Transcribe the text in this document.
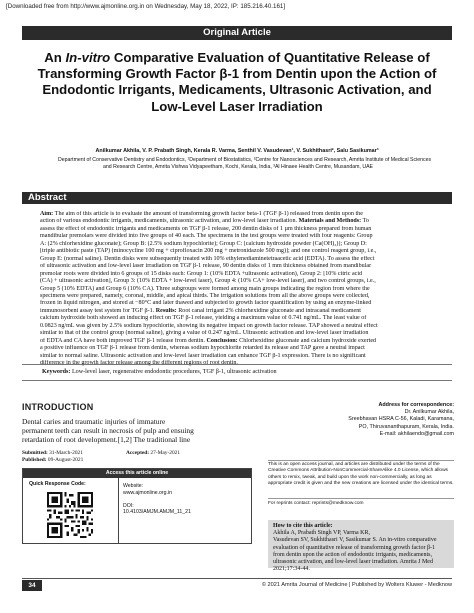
[Downloaded free from http://www.ajmonline.org.in on Wednesday, May 18, 2022, IP: 185.216.40.161]
Original Article
An In-vitro Comparative Evaluation of Quantitative Release of
Transforming Growth Factor β-1 from Dentin upon the Action of
Endodontic Irrigants, Medicaments, Ultrasonic Activation, and
Low-Level Laser Irradiation
Anilkumar Akhila, V. P. Prabath Singh, Kerala R. Varma, Senthil V. Vasudevan¹, V. Sukhithasri², Salu Sasikumar³
Department of Conservative Dentistry and Endodontics, ¹Department of Biostatistics, ²Centre for Nanosciences and Research, Amrita Institute of Medical Sciences
and Research Centre, Amrita Vishwa Vidyapeetham, Kochi, Kerala, India, ³Al Hinaee Health Centre, Musandam, UAE
Abstract
Aim: The aim of this article is to evaluate the amount of transforming growth factor beta-1 (TGF β-1) released from dentin upon the
action of various endodontic irrigants, medicaments, ultrasonic activation, and low-level laser irradiation. Materials and Methods: To
assess the effect of endodontic irrigants and medicaments on TGF β-1 release, 200 dentin disks of 1 µm thickness prepared from human
mandibular premolars were divided into five groups of 40 each. The specimens in the test groups were treated with four reagents: Group
A: (2% chlorhexidine gluconate); Group B: (2.5% sodium hypochlorite); Group C: [calcium hydroxide powder (Ca(OH)₂)]; Group D:
[triple antibiotic paste (TAP) (minocycline 100 mg + ciprofloxacin 200 mg + metronidazole 500 mg)]; and one control reagent group, i.e.,
Group E: (normal saline). Dentin disks were subsequently treated with 10% ethylenediaminetetraacetic acid (EDTA). To assess the effect
of ultrasonic activation and low-level laser irradiation on TGF β-1 release, 90 dentin disks of 1 mm thickness obtained from mandibular
premolar roots were divided into 6 groups of 15 disks each: Group 1: (10% EDTA +ultrasonic activation), Group 2: [10% citric acid
(CA) + ultrasonic activation], Group 3: (10% EDTA + low-level laser), Group 4: (10% CA+ low-level laser), and two control groups, i.e.,
Group 5 (10% EDTA) and Group 6 (10% CA). Three subgroups were formed among main groups indicating the region from where the
specimens were prepared, namely, coronal, middle, and apical thirds. The irrigation solutions from all the above groups were collected,
frozen in liquid nitrogen, and stored at −80°C and later thawed and subjected to growth factor quantification by using an enzyme-linked
immunosorbent assay test system for TGF β-1. Results: Root canal irrigant 2% chlorhexidine gluconate and intracanal medicament
calcium hydroxide both showed an inducing effect on TGF β-1 release, yielding a maximum value of 0.741 ng/mL. The least value of
0.0823 ng/mL was given by 2.5% sodium hypochlorite, showing its negative impact on growth factor release. TAP showed a neutral effect
similar to that of the control group (normal saline), giving a value of 0.247 ng/mL. Ultrasonic activation and low-level laser irradiation
of EDTA and CA have both improved TGF β-1 release from dentin. Conclusion: Chlorhexidine gluconate and calcium hydroxide exerted
a positive influence on TGF β-1 release from dentin, whereas sodium hypochlorite retarded its release and TAP gave a neutral impact
similar to normal saline. Ultrasonic activation and low-level laser irradiation can enhance TGF β-1 expression. There is no significant
Keywords: Low-level laser, regenerative endodontic procedures, TGF β-1, ultrasonic activation
INTRODUCTION
Dental caries and traumatic injuries of immature
permanent teeth can result in necrosis of pulp and ensuing
retardation of root development.[1,2] The traditional line
Submitted: 31-March-2021	Accepted: 27-May-2021
Published: 09-August-2021
Access this article online
Quick Response Code:	Website:
www.ajmonline.org.in
DOI:
10.4103/AMJM.AMJM_11_21
Address for correspondence:
Dr. Anilkumar Akhila,
Sreebhavan HSRA C-56, Kaladi, Karamana,
PO, Thiruvananthapuram, Kerala, India.
E-mail: akhilaendo@gmail.com
This is an open access journal, and articles are distributed under the terms of the
Creative Commons Attribution-NonCommercial-ShareAlike 4.0 License, which allows
others to remix, tweak, and build upon the work non-commercially, as long as
appropriate credit is given and the new creations are licensed under the identical terms.
For reprints contact: reprints@medknow.com
How to cite this article:
Akhila A, Prabath Singh VP, Varma KR,
Vasudevan SV, Sukhithasri V, Sasikumar S. An in-vitro comparative
evaluation of quantitative release of transforming growth factor β-1
from dentin upon the action of endodontic irrigants, medicaments,
ultrasonic activation, and low-level laser irradiation. Amrita J Med
2021;17:34-44.
34	© 2021 Amrita Journal of Medicine | Published by Wolters Kluwer - Medknow
